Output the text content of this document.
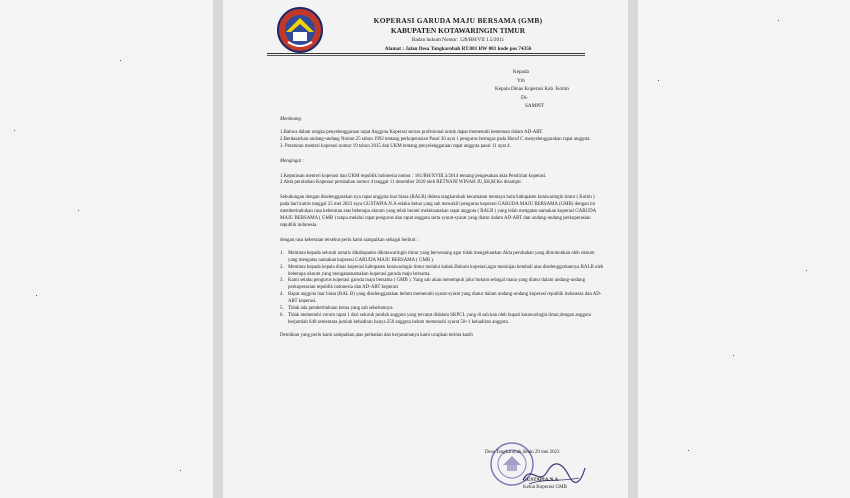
KOPERASI GARUDA MAJU BERSAMA (GMB)
KABUPATEN KOTAWARINGIN TIMUR
Badan hukum Nomor: 120/BH/VII 1.5/2011
Alamat : Jalan Desa Tangkarobah RT.001 RW 001 kode pos 74356
Kepada
Yth
Kepala Dinas Koperasi Kab. Kotim
Di-
SAMPIT

Menimang

1.Bahwa dalam rangka penyelenggaraan rapat Anggota Koperasi secara profesional untuk dapat memenuhi ketentuan dalam AD-ART.

2.Berdasarkan undang-undang Nomor.25 tahun 1992 tentang perkoperasian Pasal 30 ayat 1 pengurus bertugas pada Huruf C menyelenggarakan rapat anggota.

3. Peraturan menteri koperasi nomor 19 tahun 2015 dan UKM tentang penyelenggaraan rapat anggota pasal 11 ayat 4.

Mengingat :

1.Keputusan menteri koperasi dan UKM republik indonesia nomor : 181/BH/XVIII.3/2014 tentang pengesahan akta Pendirian koperasi.

2.Akta perubahan Koperasi perubahan nomor 4 tanggal 11 desember 2020 oleh RETNANI WINAH JU,SH,M.Kn disampit.

Sehubungan dengan diselenggarakan nya rapat anggota luar biasa (RALB) didesa tangkarobah kecamatan mentaya hulu kabupaten kotawaringin timur ( Kotim ) pada hari kamis tanggal 25 mei 2023 saya GUSTAPIA.N.A selaku ketua yang sah mewakili pengurus koperasi GARUDA MAJU BERSAMA (GMB) dengan ini memberitahukan rasa keberatan atas beberapa oknum yang telah berani melaksanakan rapat anggota ( RALB ) yang telah mengatas namakan koperasi GARUDA MAJU BERSAMA ( GMB ) tanpa melalui rapat pengurus dan rapat anggota serta syarat-syarat yang diatur dalam AD-ART dan undang-undang perkoperasian republik indonesia.

dengan rasa keberatan tersebut perlu kami sampaikan sebagai berikut :

1. Meminta kepada seluruh notaris dikabupaten dikotawaringin timur yang berwenang agar tidak mengeluarkan Akta perubahan yang dimohonkan oleh oknum yang mengatas namakan koperasi GARUDA MAJU BERSAMA ( GMB ).
2. Meminta kepada kepala dinas koperasi kabupaten kotawaringin timur melalui kabak.Hukum koperasi,agar meninjau kembali atas diselenggarkannya RALB oleh beberapa oknum yang mengatasnamakan koperasi garuda maju bersama.
3. Kami selaku pengurus koperasi garuda maju bersama ( GMB ). Yang sah akan menempuh jalur hukum sebagai mana yang diatur dalam undang-undang perkoperasian republik indonesia dan AD-ART koperasi
4. Rapat anggota luar biasa (RAL B) yang diselenggarakan belum memenuhi syarat-syarat yang diatur dalam undang-undang koperasi republik indonesia dan AD-ART koperasi.
5. Tidak ada pemberitahuan ketua yang sah sebelumnya.
6. Tidak memenuhi vorum rapat 1 dari seluruh jumlah anggota yang tercatat didalam SKPCL yang di sah kan oleh bupati kotawaringin timur,dengan anggota berjumlah 640 sementara jumlah kehadiran hanya 250 anggota belum memenuhi syarat 50+1 kehadiran anggota.

Demikian yang perlu kami sampaikan,atas perhatian dan kerjasamanya kami ucapkan terima kasih

Desa Tangkarobah,Senin 29 mei 2023
GUSTAPIA.N.A
Ketua Koperasi GMB
